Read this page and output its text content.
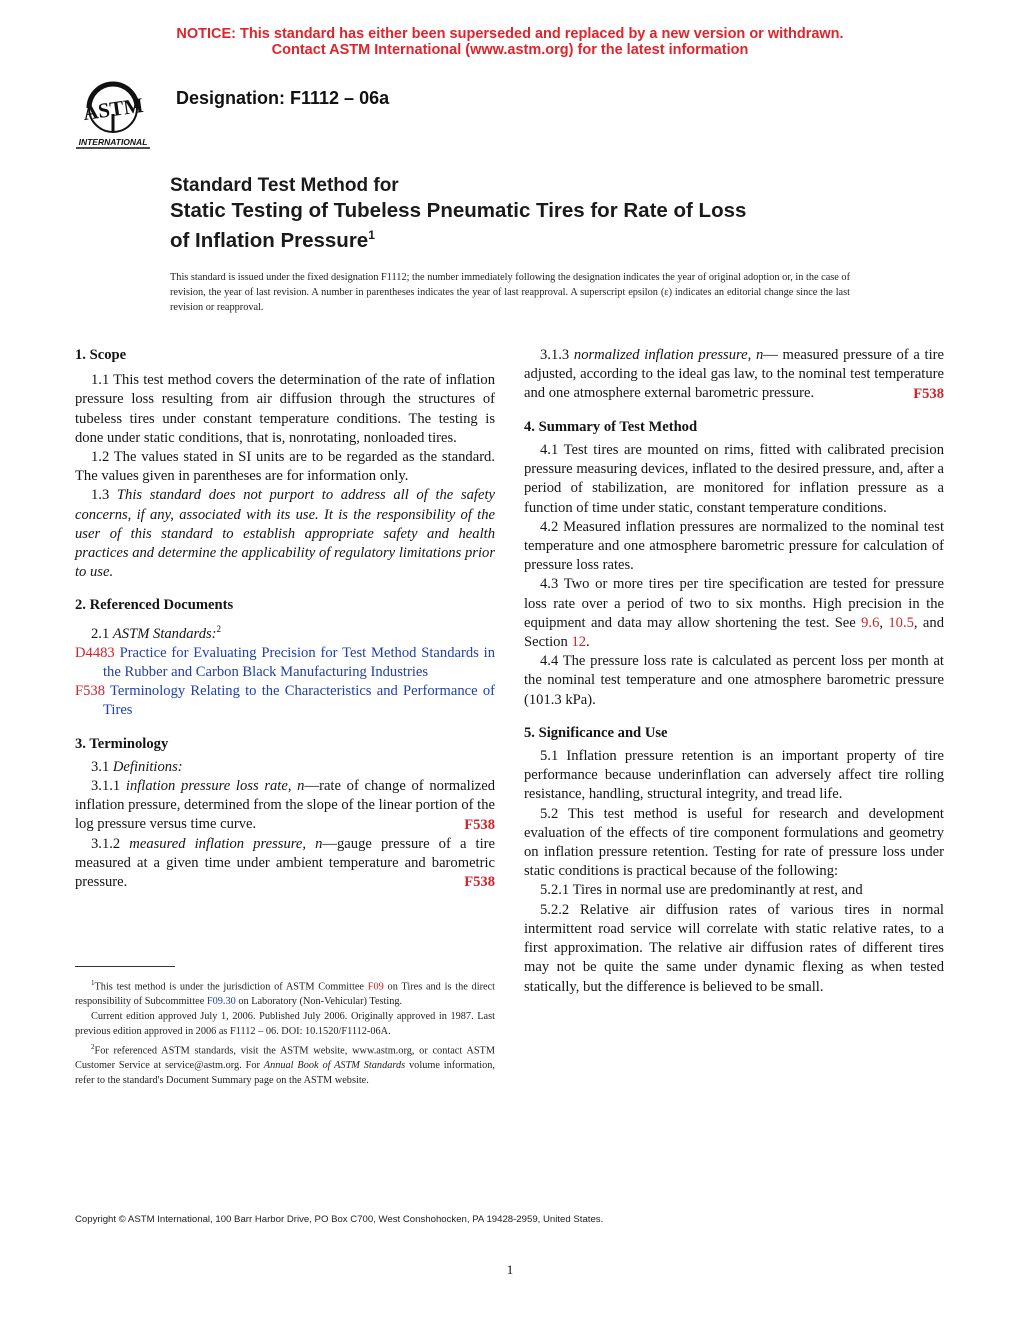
NOTICE: This standard has either been superseded and replaced by a new version or withdrawn.
Contact ASTM International (www.astm.org) for the latest information
ASTM
INTERNATIONAL
Designation: F1112 – 06a
Standard Test Method for
Static Testing of Tubeless Pneumatic Tires for Rate of Loss
of Inflation Pressure$^1$
This standard is issued under the fixed designation F1112; the number immediately following the designation indicates the year of original adoption or, in the case of revision, the year of last revision. A number in parentheses indicates the year of last reapproval. A superscript epsilon (ε) indicates an editorial change since the last revision or reapproval.
1. Scope

1.1 This test method covers the determination of the rate of inflation pressure loss resulting from air diffusion through the structures of tubeless tires under constant temperature conditions. The testing is done under static conditions, that is, nonrotating, nonloaded tires.

1.2 The values stated in SI units are to be regarded as the standard. The values given in parentheses are for information only.

1.3 This standard does not purport to address all of the safety concerns, if any, associated with its use. It is the responsibility of the user of this standard to establish appropriate safety and health practices and determine the applicability of regulatory limitations prior to use.

2. Referenced Documents

2.1 ASTM Standards:$^2$

D4483 Practice for Evaluating Precision for Test Method Standards in the Rubber and Carbon Black Manufacturing Industries

F538 Terminology Relating to the Characteristics and Performance of Tires

3. Terminology

3.1 Definitions:

3.1.1 inflation pressure loss rate, n—rate of change of normalized inflation pressure, determined from the slope of the linear portion of the log pressure versus time curve.	F538

3.1.2 measured inflation pressure, n—gauge pressure of a tire measured at a given time under ambient temperature and barometric pressure.	F538

3.1.3 normalized inflation pressure, n— measured pressure of a tire adjusted, according to the ideal gas law, to the nominal test temperature and one atmosphere external barometric pressure.	F538
4. Summary of Test Method

4.1 Test tires are mounted on rims, fitted with calibrated precision pressure measuring devices, inflated to the desired pressure, and, after a period of stabilization, are monitored for inflation pressure as a function of time under static, constant temperature conditions.

4.2 Measured inflation pressures are normalized to the nominal test temperature and one atmosphere barometric pressure for calculation of pressure loss rates.

4.3 Two or more tires per tire specification are tested for pressure loss rate over a period of two to six months. High precision in the equipment and data may allow shortening the test. See 9.6, 10.5, and Section 12.

4.4 The pressure loss rate is calculated as percent loss per month at the nominal test temperature and one atmosphere barometric pressure (101.3 kPa).

5. Significance and Use

5.1 Inflation pressure retention is an important property of tire performance because underinflation can adversely affect tire rolling resistance, handling, structural integrity, and tread life.

5.2 This test method is useful for research and development evaluation of the effects of tire component formulations and geometry on inflation pressure retention. Testing for rate of pressure loss under static conditions is practical because of the following:

5.2.1 Tires in normal use are predominantly at rest, and

5.2.2 Relative air diffusion rates of various tires in normal intermittent road service will correlate with static relative rates, to a first approximation. The relative air diffusion rates of different tires may not be quite the same under dynamic flexing as when tested statically, but the difference is believed to be small.

$^1$This test method is under the jurisdiction of ASTM Committee F09 on Tires and is the direct responsibility of Subcommittee F09.30 on Laboratory (Non-Vehicular) Testing.

Current edition approved July 1, 2006. Published July 2006. Originally approved in 1987. Last previous edition approved in 2006 as F1112 – 06. DOI: 10.1520/F1112-06A.

$^2$For referenced ASTM standards, visit the ASTM website, www.astm.org, or contact ASTM Customer Service at service@astm.org. For Annual Book of ASTM Standards volume information, refer to the standard's Document Summary page on the ASTM website.

Copyright © ASTM International, 100 Barr Harbor Drive, PO Box C700, West Conshohocken, PA 19428-2959, United States.
1
